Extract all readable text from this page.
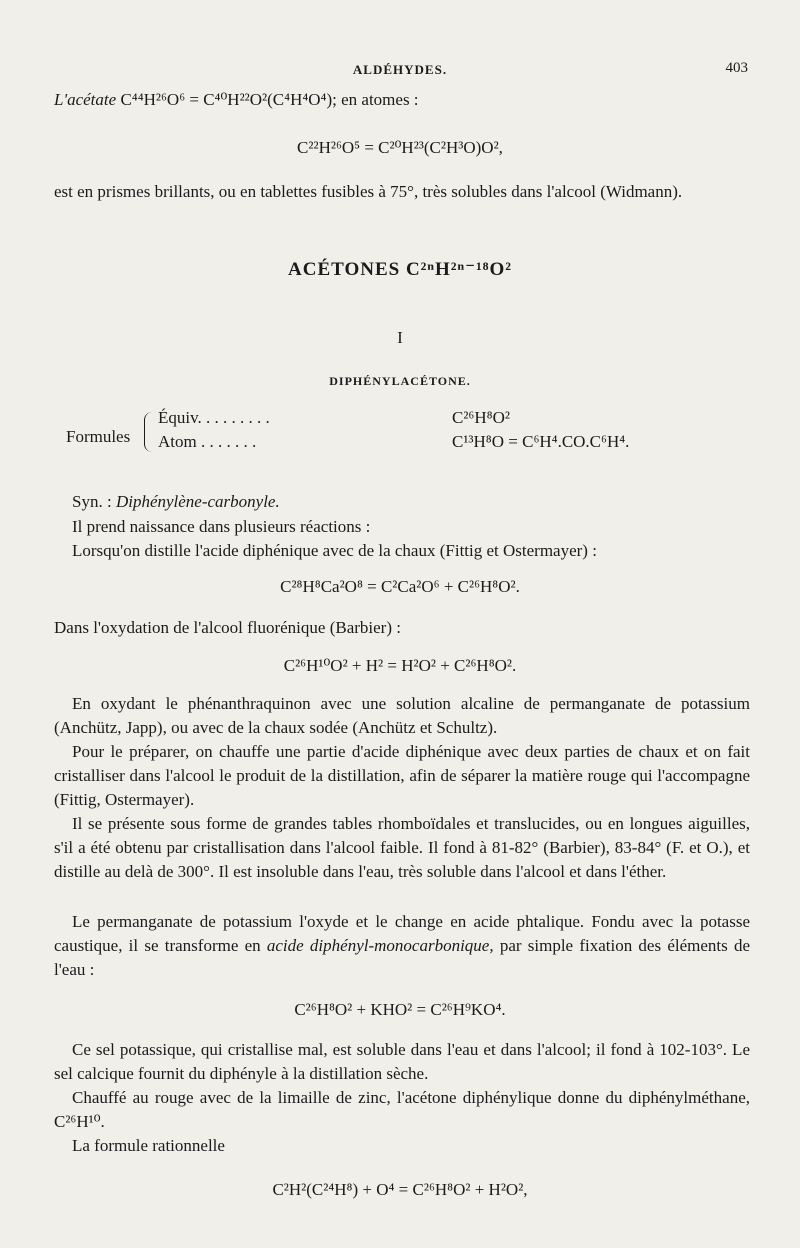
ALDÉHYDES.	403
L'acétate C⁴⁴H²⁶O⁶ = C⁴⁰H²²O²(C⁴H⁴O⁴); en atomes :
C²²H²⁶O⁵ = C²⁰H²³(C²H³O)O²,
est en prismes brillants, ou en tablettes fusibles à 75°, très solubles dans l'alcool (Widmann).
ACÉTONES C²ⁿH²ⁿ⁻¹⁸O²
I
DIPHÉNYLACÉTONE.
Formules
Équiv. . . . . . . . .	C²⁶H⁸O²
Atom . . . . . . .	C¹³H⁸O = C⁶H⁴.CO.C⁶H⁴.
Syn. : Diphénylène-carbonyle.
Il prend naissance dans plusieurs réactions :
Lorsqu'on distille l'acide diphénique avec de la chaux (Fittig et Ostermayer) :
C²⁸H⁸Ca²O⁸ = C²Ca²O⁶ + C²⁶H⁸O².
Dans l'oxydation de l'alcool fluorénique (Barbier) :
C²⁶H¹⁰O² + H² = H²O² + C²⁶H⁸O².
En oxydant le phénanthraquinon avec une solution alcaline de permanganate de potassium (Anchütz, Japp), ou avec de la chaux sodée (Anchütz et Schultz).
Pour le préparer, on chauffe une partie d'acide diphénique avec deux parties de chaux et on fait cristalliser dans l'alcool le produit de la distillation, afin de séparer la matière rouge qui l'accompagne (Fittig, Ostermayer).
Il se présente sous forme de grandes tables rhomboïdales et translucides, ou en longues aiguilles, s'il a été obtenu par cristallisation dans l'alcool faible. Il fond à 81-82° (Barbier), 83-84° (F. et O.), et distille au delà de 300°. Il est insoluble dans l'eau, très soluble dans l'alcool et dans l'éther.
Le permanganate de potassium l'oxyde et le change en acide phtalique. Fondu avec la potasse caustique, il se transforme en acide diphényl-monocarbonique, par simple fixation des éléments de l'eau :
C²⁶H⁸O² + KHO² = C²⁶H⁹KO⁴.
Ce sel potassique, qui cristallise mal, est soluble dans l'eau et dans l'alcool; il fond à 102-103°. Le sel calcique fournit du diphényle à la distillation sèche.
Chauffé au rouge avec de la limaille de zinc, l'acétone diphénylique donne du diphénylméthane, C²⁶H¹⁰.
La formule rationnelle
C²H²(C²⁴H⁸) + O⁴ = C²⁶H⁸O² + H²O²,
